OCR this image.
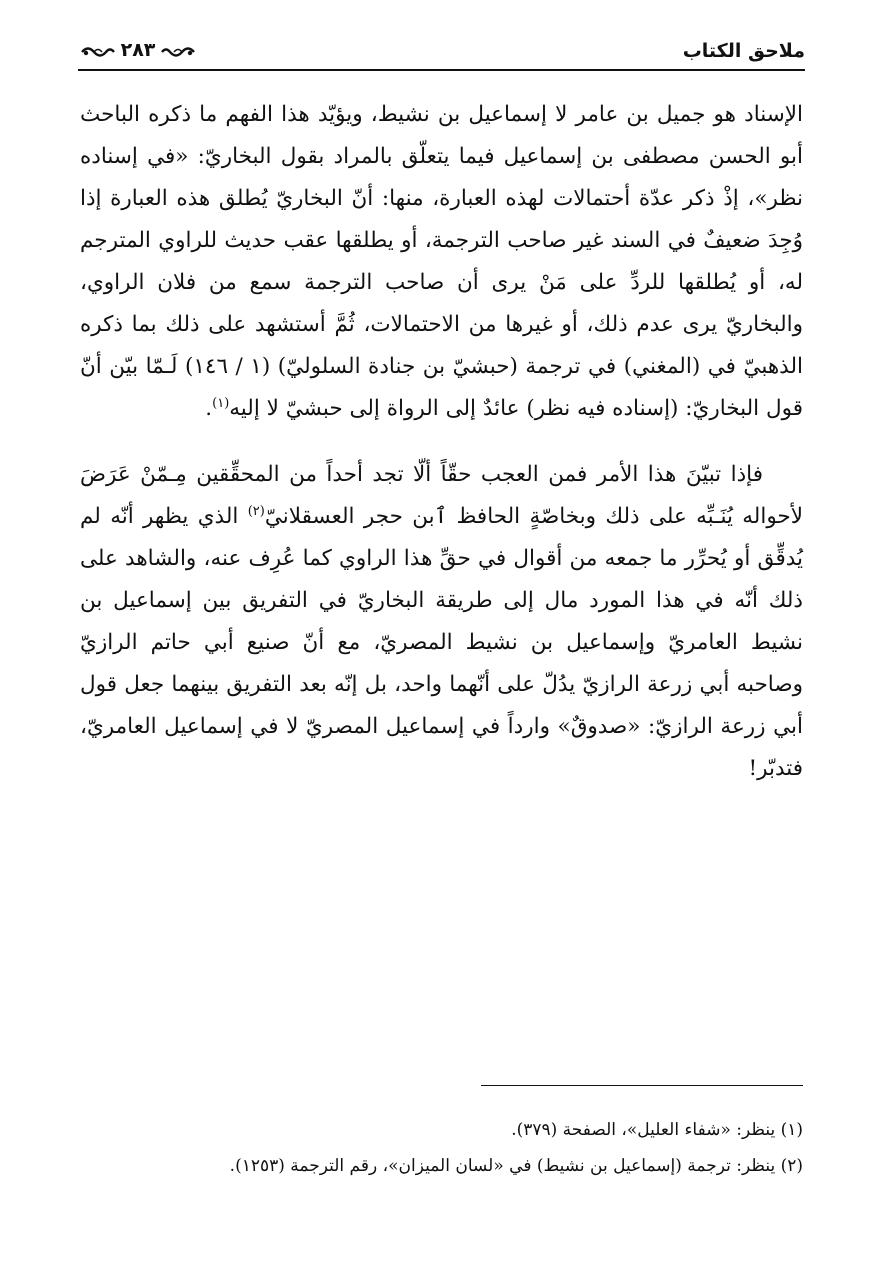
ملاحق الكتاب
٢٨٣

الإسناد هو جميل بن عامر لا إسماعيل بن نشيط، ويؤيّد هذا الفهم ما ذكره الباحث أبو الحسن مصطفى بن إسماعيل فيما يتعلّق بالمراد بقول البخاريّ: «في إسناده نظر»، إذْ ذكر عدّة أحتمالات لهذه العبارة، منها: أنّ البخاريّ يُطلق هذه العبارة إذا وُجِدَ ضعيفٌ في السند غير صاحب الترجمة، أو يطلقها عقب حديث للراوي المترجم له، أو يُطلقها للردِّ على مَنْ يرى أن صاحب الترجمة سمع من فلان الراوي، والبخاريّ يرى عدم ذلك، أو غيرها من الاحتمالات، ثُمَّ أستشهد على ذلك بما ذكره الذهبيّ في (المغني) في ترجمة (حبشيّ بن جنادة السلوليّ) (١ / ١٤٦) لَـمّا بيّن أنّ قول البخاريّ: (إسناده فيه نظر) عائدٌ إلى الرواة إلى حبشيّ لا إليه$^{(١)}$.

فإذا تبيّنَ هذا الأمر فمن العجب حقّاً ألّا تجد أحداً من المحقِّقين مِـمّنْ عَرَضَ لأحواله يُنَـبِّه على ذلك وبخاصّةٍ الحافظ ٱبن حجر العسقلانيّ$^{(٢)}$ الذي يظهر أنّه لم يُدقِّق أو يُحرِّر ما جمعه من أقوال في حقِّ هذا الراوي كما عُرِف عنه، والشاهد على ذلك أنّه في هذا المورد مال إلى طريقة البخاريّ في التفريق بين إسماعيل بن نشيط العامريّ وإسماعيل بن نشيط المصريّ، مع أنّ صنيع أبي حاتم الرازيّ وصاحبه أبي زرعة الرازيّ يدُلّ على أنّهما واحد، بل إنّه بعد التفريق بينهما جعل قول أبي زرعة الرازيّ: «صدوقٌ» وارداً في إسماعيل المصريّ لا في إسماعيل العامريّ، فتدبّر!

(١) ينظر: «شفاء العليل»، الصفحة (٣٧٩).

(٢) ينظر: ترجمة (إسماعيل بن نشيط) في «لسان الميزان»، رقم الترجمة (١٢٥٣).
